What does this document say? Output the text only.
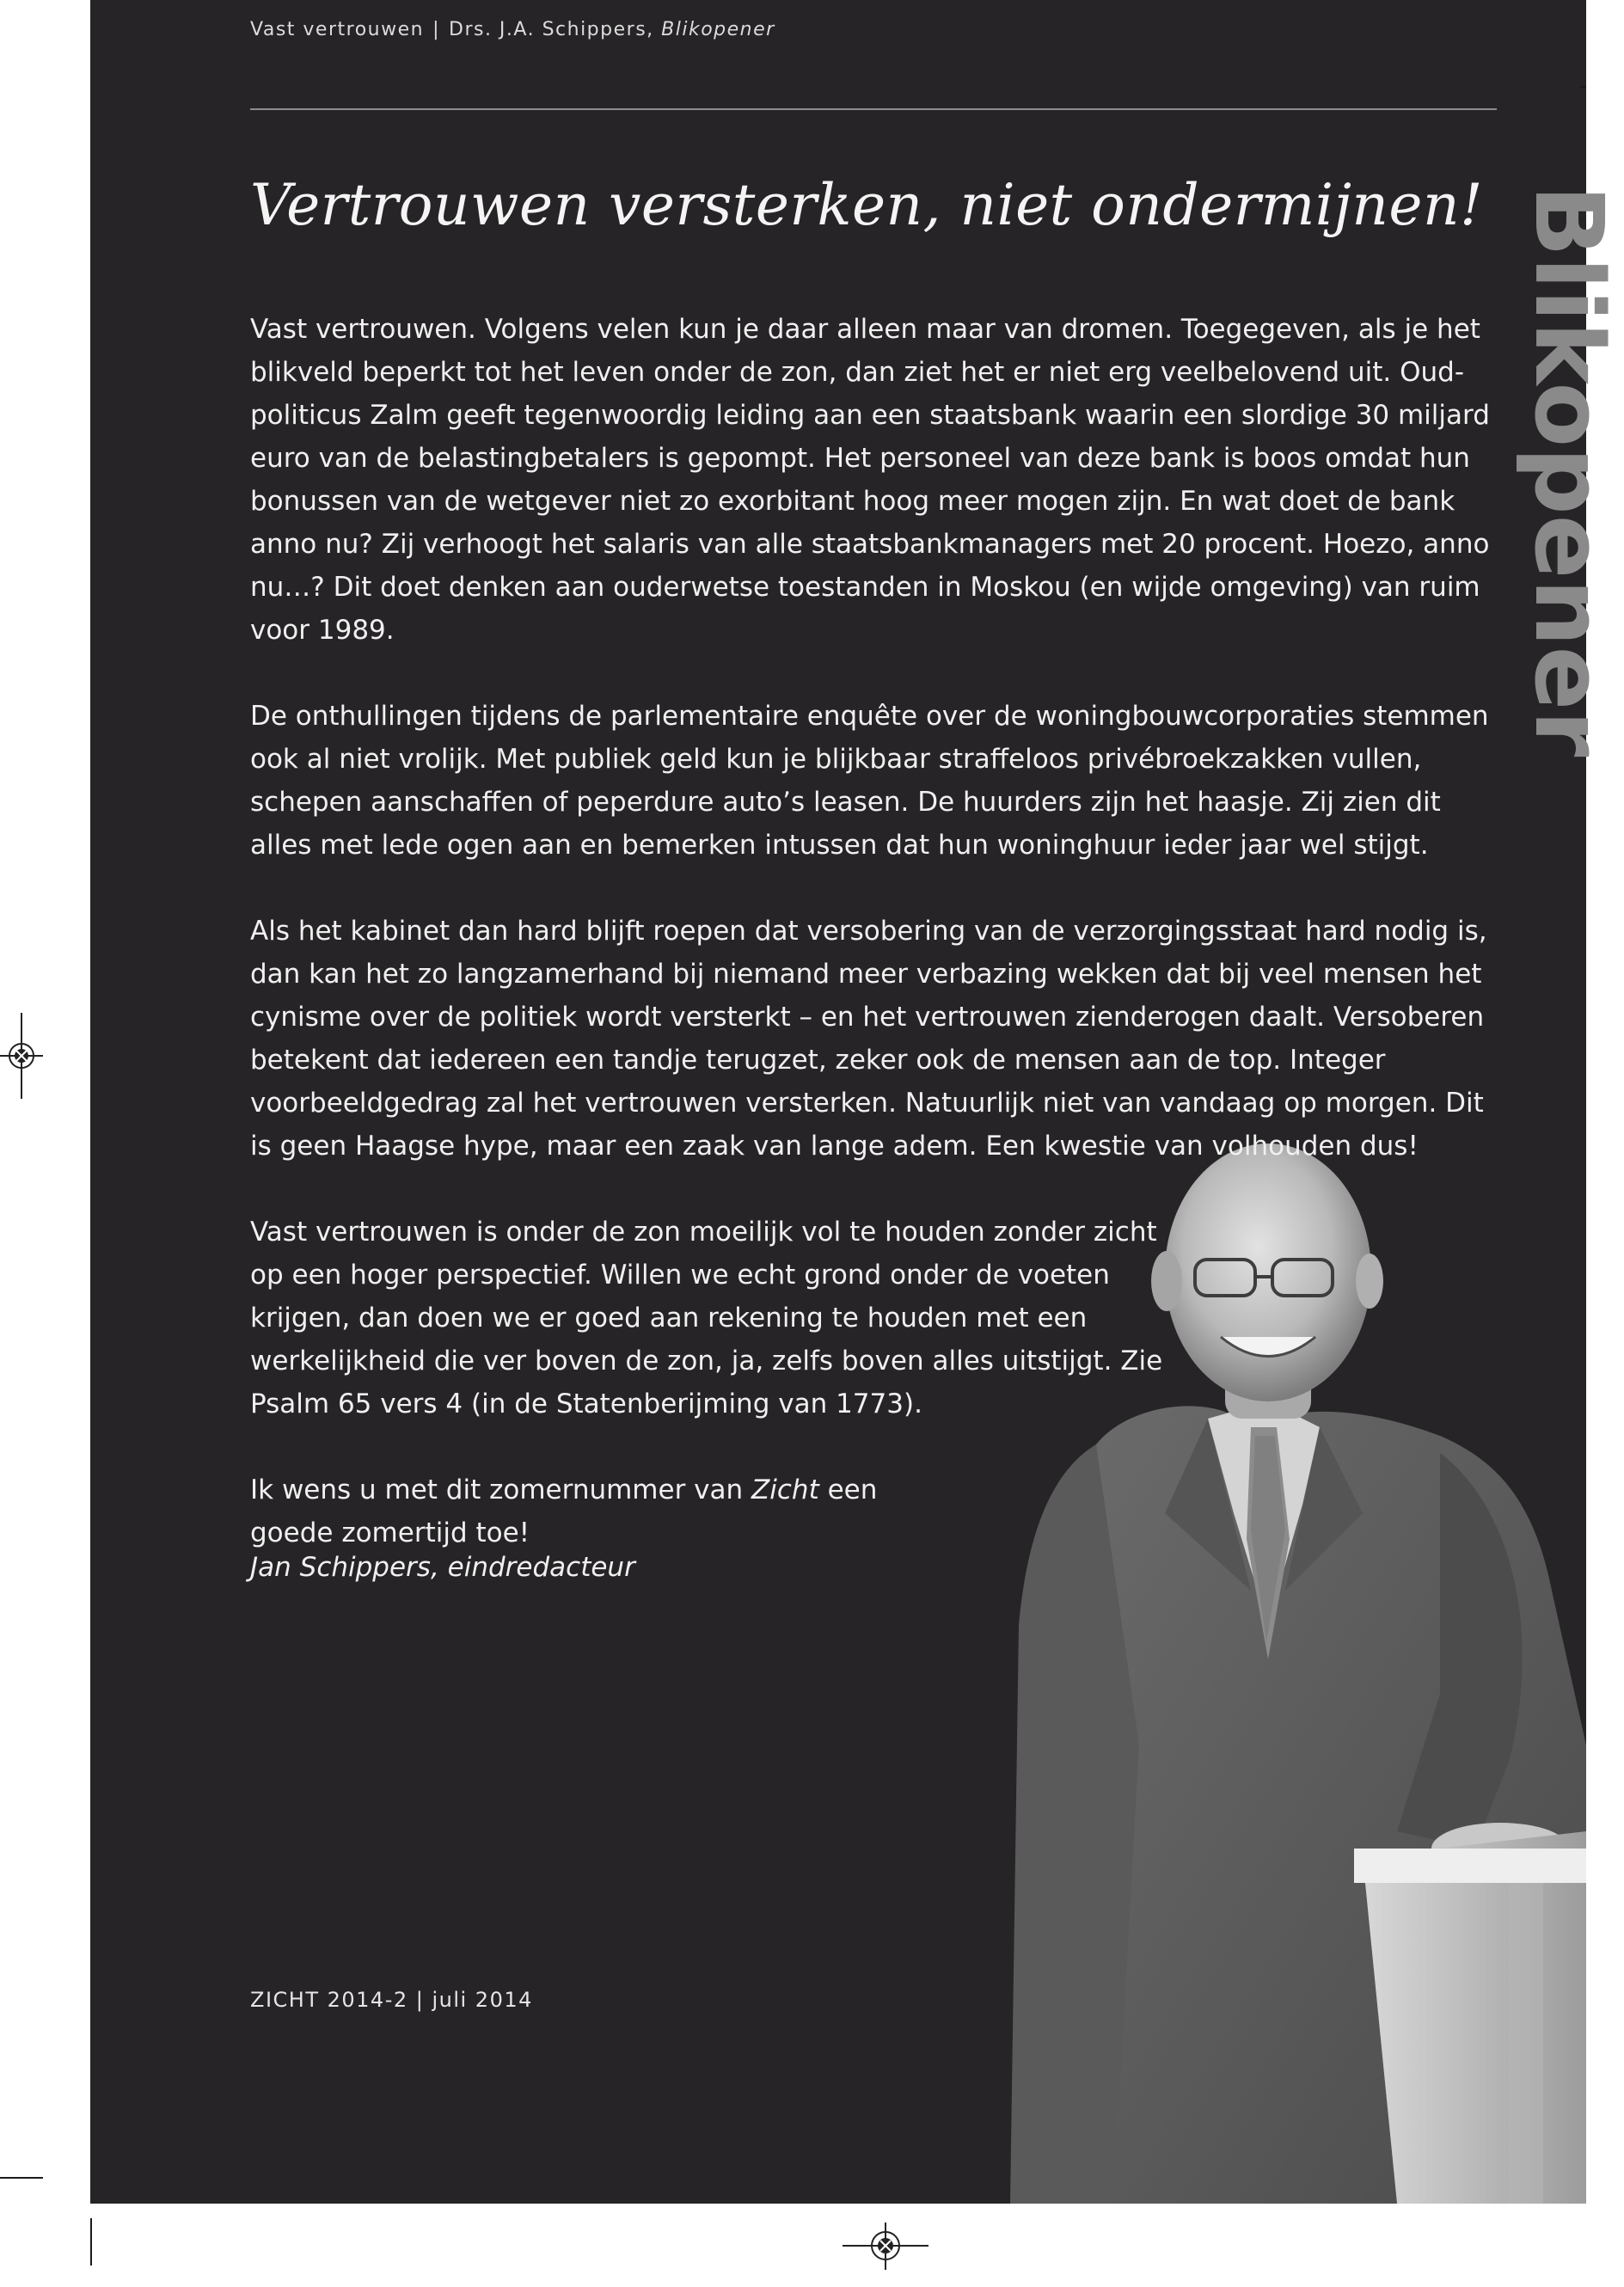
Vast vertrouwen | Drs. J.A. Schippers, Blikopener
Blikopener
Vertrouwen versterken, niet ondermijnen!

Vast vertrouwen. Volgens velen kun je daar alleen maar van dromen. Toegegeven, als je het blikveld beperkt tot het leven onder de zon, dan ziet het er niet erg veelbelovend uit. Oud-politicus Zalm geeft tegenwoordig leiding aan een staatsbank waarin een slordige 30 miljard euro van de belastingbetalers is gepompt. Het personeel van deze bank is boos omdat hun bonussen van de wetgever niet zo exorbitant hoog meer mogen zijn. En wat doet de bank anno nu? Zij verhoogt het salaris van alle staatsbankmanagers met 20 procent. Hoezo, anno nu…? Dit doet denken aan ouderwetse toestanden in Moskou (en wijde omgeving) van ruim voor 1989.

De onthullingen tijdens de parlementaire enquête over de woningbouwcorporaties stemmen ook al niet vrolijk. Met publiek geld kun je blijkbaar straffeloos privébroekzakken vullen, schepen aanschaffen of peperdure auto’s leasen. De huurders zijn het haasje. Zij zien dit alles met lede ogen aan en bemerken intussen dat hun woninghuur ieder jaar wel stijgt.

Als het kabinet dan hard blijft roepen dat versobering van de verzorgingsstaat hard nodig is, dan kan het zo langzamerhand bij niemand meer verbazing wekken dat bij veel mensen het cynisme over de politiek wordt versterkt – en het vertrouwen zienderogen daalt. Versoberen betekent dat iedereen een tandje terugzet, zeker ook de mensen aan de top. Integer voorbeeldgedrag zal het vertrouwen versterken. Natuurlijk niet van vandaag op morgen. Dit is geen Haagse hype, maar een zaak van lange adem. Een kwestie van volhouden dus!

Vast vertrouwen is onder de zon moeilijk vol te houden zonder zicht op een hoger perspectief. Willen we echt grond onder de voeten krijgen, dan doen we er goed aan rekening te houden met een werkelijkheid die ver boven de zon, ja, zelfs boven alles uitstijgt. Zie Psalm 65 vers 4 (in de Statenberijming van 1773).

Ik wens u met dit zomernummer van Zicht een goede zomertijd toe!

Jan Schippers, eindredacteur
ZICHT 2014-2 | juli 2014
